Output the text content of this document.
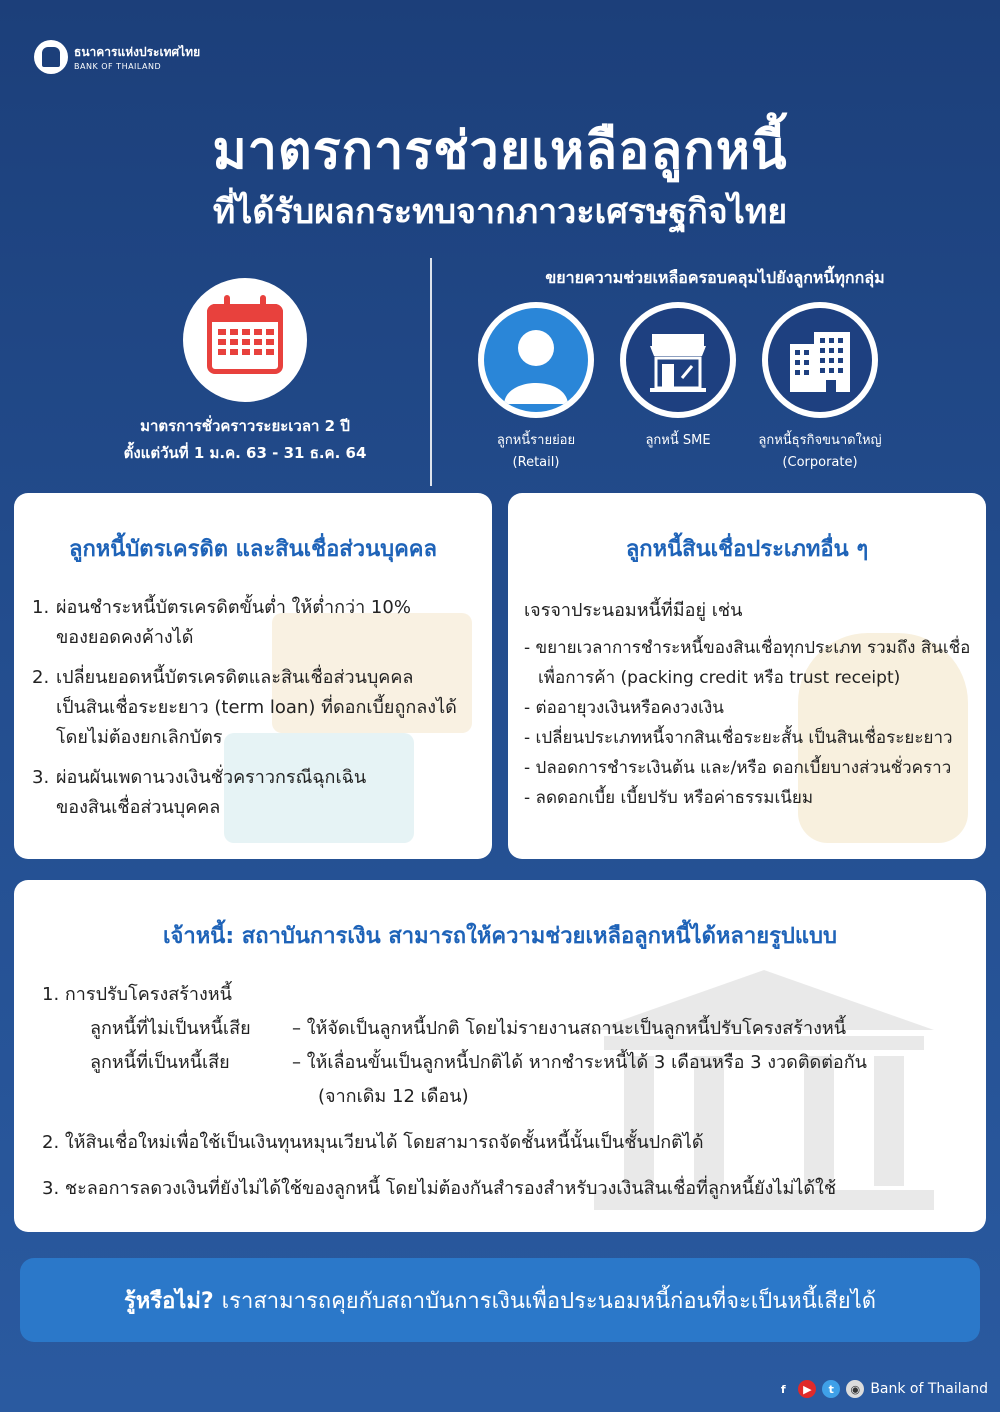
ธนาคารแห่งประเทศไทย
BANK OF THAILAND
มาตรการช่วยเหลือลูกหนี้
ที่ได้รับผลกระทบจากภาวะเศรษฐกิจไทย
มาตรการชั่วคราวระยะเวลา 2 ปี
ตั้งแต่วันที่ 1 ม.ค. 63 - 31 ธ.ค. 64
ขยายความช่วยเหลือครอบคลุมไปยังลูกหนี้ทุกกลุ่ม
ลูกหนี้รายย่อย
(Retail)
ลูกหนี้ SME	ลูกหนี้ธุรกิจขนาดใหญ่
(Corporate)
ลูกหนี้บัตรเครดิต และสินเชื่อส่วนบุคคล
1. ผ่อนชำระหนี้บัตรเครดิตขั้นต่ำ ให้ต่ำกว่า 10%
ของยอดคงค้างได้
2. เปลี่ยนยอดหนี้บัตรเครดิตและสินเชื่อส่วนบุคคล
เป็นสินเชื่อระยะยาว (term loan) ที่ดอกเบี้ยถูกลงได้
โดยไม่ต้องยกเลิกบัตร
3. ผ่อนผันเพดานวงเงินชั่วคราวกรณีฉุกเฉิน
ของสินเชื่อส่วนบุคคล
ลูกหนี้สินเชื่อประเภทอื่น ๆ
เจรจาประนอมหนี้ที่มีอยู่ เช่น
- ขยายเวลาการชำระหนี้ของสินเชื่อทุกประเภท รวมถึง สินเชื่อเพื่อการค้า (packing credit หรือ trust receipt)
- ต่ออายุวงเงินหรือคงวงเงิน
- เปลี่ยนประเภทหนี้จากสินเชื่อระยะสั้น เป็นสินเชื่อระยะยาว
- ปลอดการชำระเงินต้น และ/หรือ ดอกเบี้ยบางส่วนชั่วคราว
- ลดดอกเบี้ย เบี้ยปรับ หรือค่าธรรมเนียม
เจ้าหนี้: สถาบันการเงิน สามารถให้ความช่วยเหลือลูกหนี้ได้หลายรูปแบบ
1. การปรับโครงสร้างหนี้
ลูกหนี้ที่ไม่เป็นหนี้เสีย	– ให้จัดเป็นลูกหนี้ปกติ โดยไม่รายงานสถานะเป็นลูกหนี้ปรับโครงสร้างหนี้
ลูกหนี้ที่เป็นหนี้เสีย	– ให้เลื่อนขั้นเป็นลูกหนี้ปกติได้ หากชำระหนี้ได้ 3 เดือนหรือ 3 งวดติดต่อกัน
(จากเดิม 12 เดือน)
2. ให้สินเชื่อใหม่เพื่อใช้เป็นเงินทุนหมุนเวียนได้ โดยสามารถจัดชั้นหนี้นั้นเป็นชั้นปกติได้
3. ชะลอการลดวงเงินที่ยังไม่ได้ใช้ของลูกหนี้ โดยไม่ต้องกันสำรองสำหรับวงเงินสินเชื่อที่ลูกหนี้ยังไม่ได้ใช้
รู้หรือไม่? เราสามารถคุยกับสถาบันการเงินเพื่อประนอมหนี้ก่อนที่จะเป็นหนี้เสียได้
f	▶	t	◉ Bank of Thailand
